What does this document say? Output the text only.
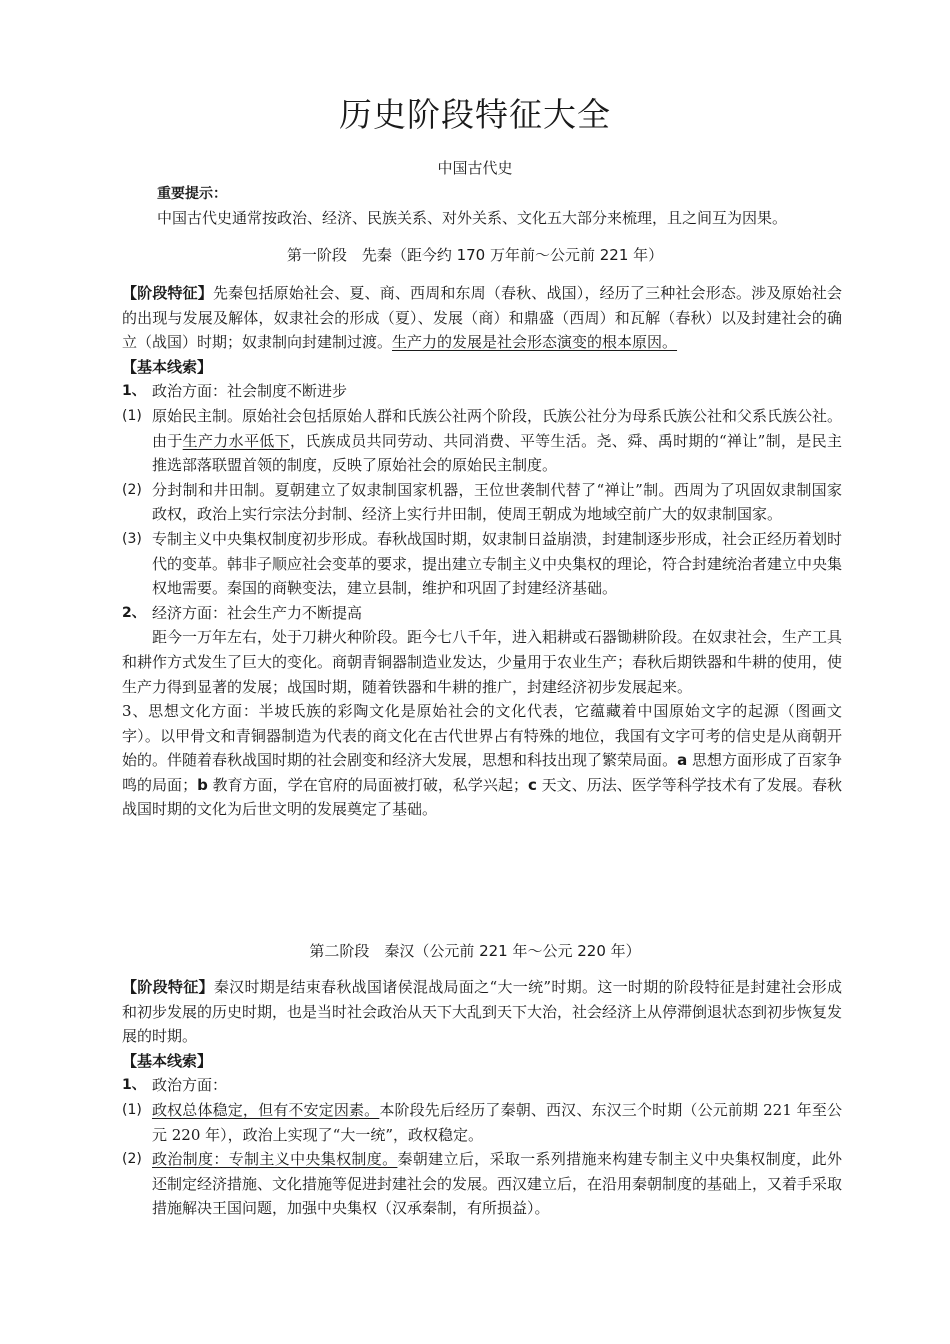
历史阶段特征大全
中国古代史
重要提示：
中国古代史通常按政治、经济、民族关系、对外关系、文化五大部分来梳理，且之间互为因果。
第一阶段　先秦（距今约 170 万年前～公元前 221 年）

【阶段特征】先秦包括原始社会、夏、商、西周和东周（春秋、战国），经历了三种社会形态。涉及原始社会的出现与发展及解体，奴隶社会的形成（夏）、发展（商）和鼎盛（西周）和瓦解（春秋）以及封建社会的确立（战国）时期；奴隶制向封建制过渡。生产力的发展是社会形态演变的根本原因。

【基本线索】

1、 政治方面：社会制度不断进步
(1) 原始民主制。原始社会包括原始人群和氏族公社两个阶段，氏族公社分为母系氏族公社和父系氏族公社。由于生产力水平低下，氏族成员共同劳动、共同消费、平等生活。尧、舜、禹时期的“禅让”制，是民主推选部落联盟首领的制度，反映了原始社会的原始民主制度。
(2) 分封制和井田制。夏朝建立了奴隶制国家机器，王位世袭制代替了“禅让”制。西周为了巩固奴隶制国家政权，政治上实行宗法分封制、经济上实行井田制，使周王朝成为地域空前广大的奴隶制国家。
(3) 专制主义中央集权制度初步形成。春秋战国时期，奴隶制日益崩溃，封建制逐步形成，社会正经历着划时代的变革。韩非子顺应社会变革的要求，提出建立专制主义中央集权的理论，符合封建统治者建立中央集权地需要。秦国的商鞅变法，建立县制，维护和巩固了封建经济基础。
2、 经济方面：社会生产力不断提高

距今一万年左右，处于刀耕火种阶段。距今七八千年，进入耜耕或石器锄耕阶段。在奴隶社会，生产工具和耕作方式发生了巨大的变化。商朝青铜器制造业发达，少量用于农业生产；春秋后期铁器和牛耕的使用，使生产力得到显著的发展；战国时期，随着铁器和牛耕的推广，封建经济初步发展起来。

3、思想文化方面：半坡氏族的彩陶文化是原始社会的文化代表，它蕴藏着中国原始文字的起源（图画文字）。以甲骨文和青铜器制造为代表的商文化在古代世界占有特殊的地位，我国有文字可考的信史是从商朝开始的。伴随着春秋战国时期的社会剧变和经济大发展，思想和科技出现了繁荣局面。a 思想方面形成了百家争鸣的局面；b 教育方面，学在官府的局面被打破，私学兴起；c 天文、历法、医学等科学技术有了发展。春秋战国时期的文化为后世文明的发展奠定了基础。

第二阶段　秦汉（公元前 221 年～公元 220 年）

【阶段特征】秦汉时期是结束春秋战国诸侯混战局面之“大一统”时期。这一时期的阶段特征是封建社会形成和初步发展的历史时期，也是当时社会政治从天下大乱到天下大治，社会经济上从停滞倒退状态到初步恢复发展的时期。

【基本线索】

1、 政治方面：
(1) 政权总体稳定，但有不安定因素。本阶段先后经历了秦朝、西汉、东汉三个时期（公元前期 221 年至公元 220 年），政治上实现了“大一统”，政权稳定。
(2) 政治制度：专制主义中央集权制度。秦朝建立后，采取一系列措施来构建专制主义中央集权制度，此外还制定经济措施、文化措施等促进封建社会的发展。西汉建立后，在沿用秦朝制度的基础上，又着手采取措施解决王国问题，加强中央集权（汉承秦制，有所损益）。
